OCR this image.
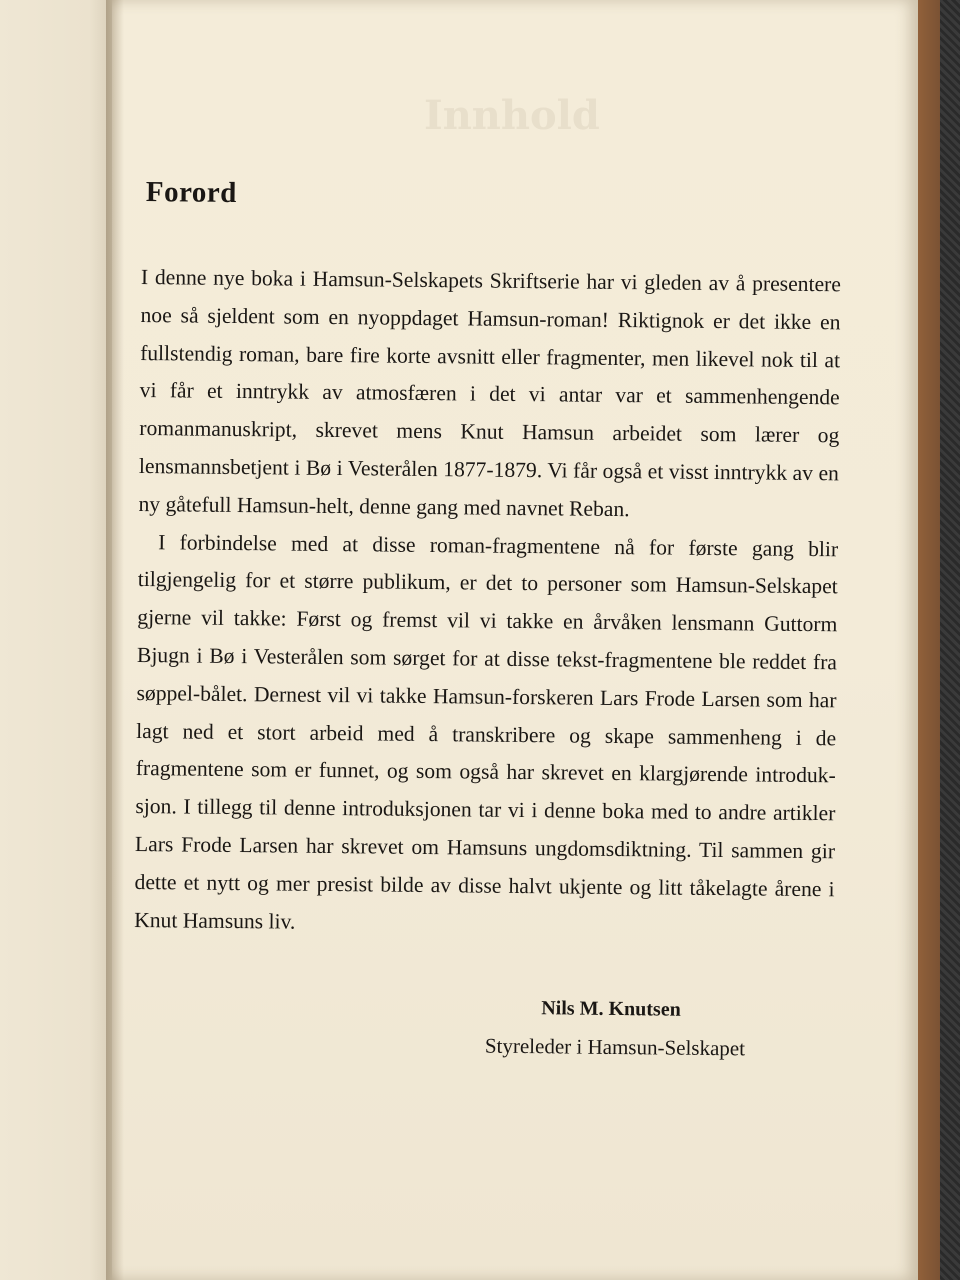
Innhold
Forord

I denne nye boka i Hamsun-Selskapets Skriftserie har vi gleden av å presentere noe så sjeldent som en nyoppdaget Hamsun-roman! Riktignok er det ikke en fullstendig roman, bare fire korte avsnitt eller fragmenter, men likevel nok til at vi får et inntrykk av atmosfæren i det vi antar var et sammenhengende romanmanuskript, skrevet mens Knut Hamsun arbeidet som lærer og lensmannsbetjent i Bø i Vesterålen 1877-1879. Vi får også et visst inntrykk av en ny gåtefull Hamsun-helt, denne gang med navnet Reban.

I forbindelse med at disse roman-fragmentene nå for første gang blir tilgjengelig for et større publikum, er det to personer som Hamsun-Selskapet gjerne vil takke: Først og fremst vil vi takke en årvåken lensmann Guttorm Bjugn i Bø i Vesterålen som sørget for at disse tekst-fragmentene ble reddet fra søppel-bålet. Dernest vil vi takke Hamsun-forskeren Lars Frode Larsen som har lagt ned et stort arbeid med å transkribere og skape sammenheng i de fragmentene som er funnet, og som også har skrevet en klargjørende introduksjon. I tillegg til denne introduksjonen tar vi i denne boka med to andre artikler Lars Frode Larsen har skrevet om Hamsuns ungdomsdiktning. Til sammen gir dette et nytt og mer presist bilde av disse halvt ukjente og litt tåkelagte årene i Knut Hamsuns liv.

Nils M. Knutsen
Styreleder i Hamsun-Selskapet
